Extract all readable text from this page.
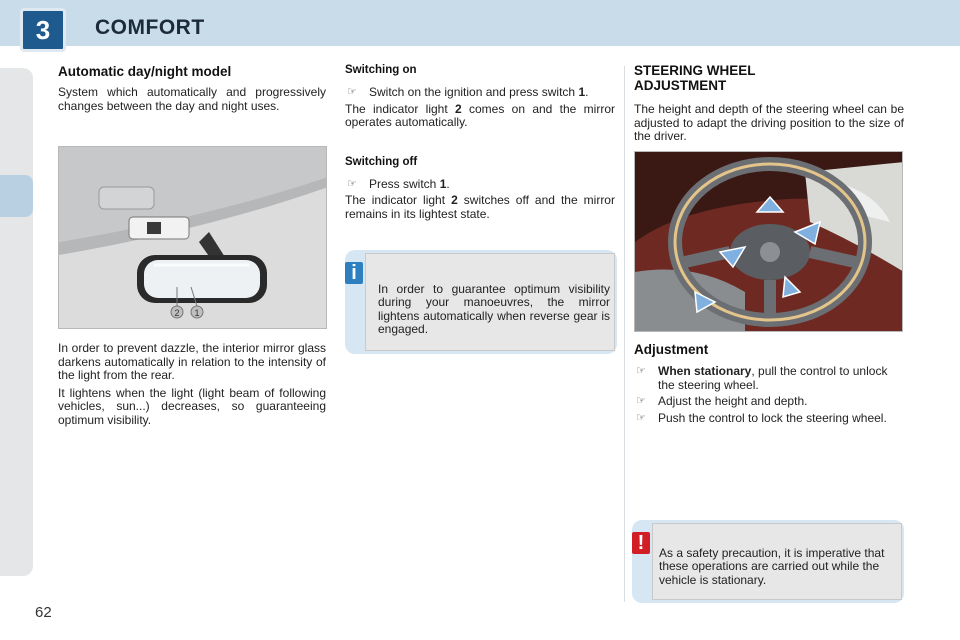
3	COMFORT
62
Automatic day/night model

System which automatically and progressively changes between the day and night uses.

2 1

In order to prevent dazzle, the interior mirror glass darkens automatically in relation to the intensity of the light from the rear.

It lightens when the light (light beam of following vehicles, sun...) decreases, so guaranteeing optimum visibility.

Switching on
☞ Switch on the ignition and press switch 1.

The indicator light 2 comes on and the mirror operates automatically.

Switching off
☞ Press switch 1.

The indicator light 2 switches off and the mirror remains in its lightest state.

In order to guarantee optimum visibility during your manoeuvres, the mirror lightens automatically when reverse gear is engaged.

i
STEERING WHEEL ADJUSTMENT

The height and depth of the steering wheel can be adjusted to adapt the driving position to the size of the driver.

Adjustment
☞ When stationary, pull the control to unlock the steering wheel.
☞ Adjust the height and depth.
☞ Push the control to lock the steering wheel.

As a safety precaution, it is imperative that these operations are carried out while the vehicle is stationary.

!
